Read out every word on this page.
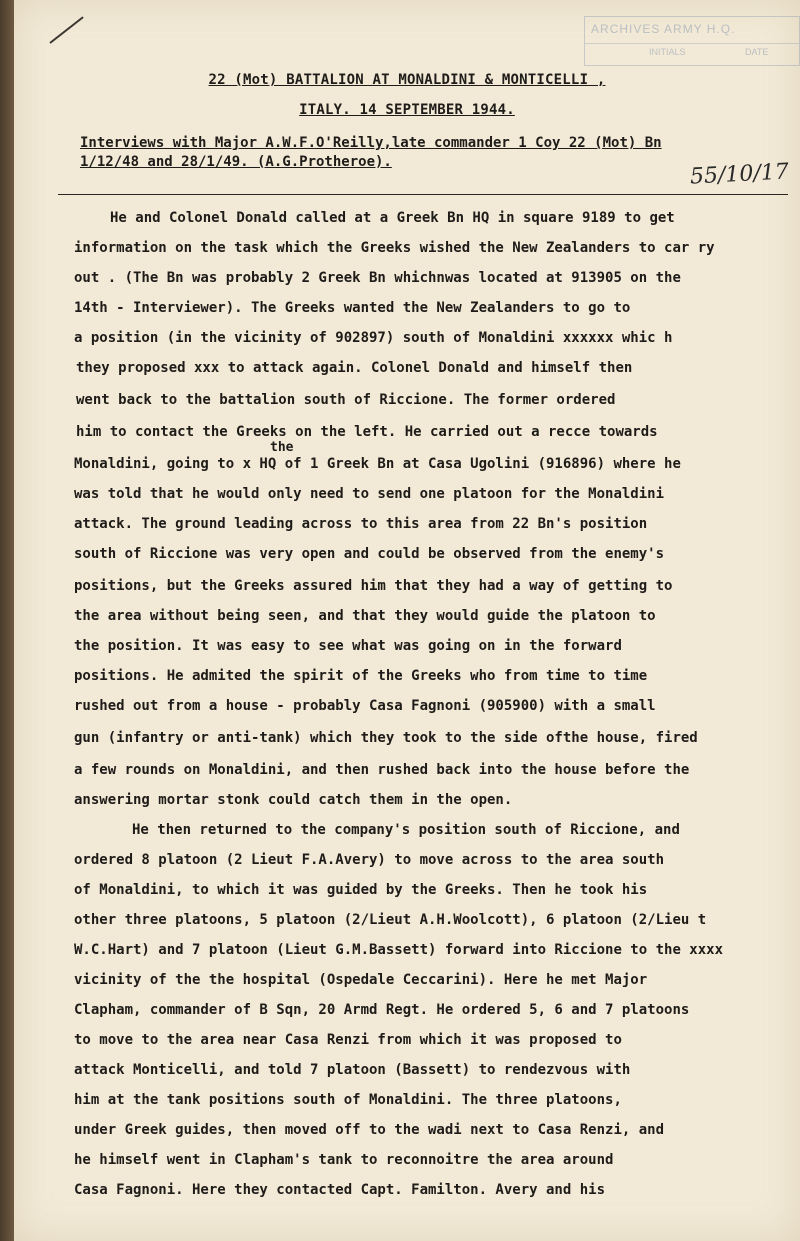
ARCHIVES ARMY H.Q.
INITIALS	DATE
22 (Mot) BATTALION AT MONALDINI & MONTICELLI ,
ITALY. 14 SEPTEMBER 1944.
Interviews with Major A.W.F.O'Reilly,late commander 1 Coy 22 (Mot) Bn
1/12/48 and 28/1/49. (A.G.Protheroe).	55/10/17
the
He and Colonel Donald called at a Greek Bn HQ in square 9189 to get
information on the task which the Greeks wished the New Zealanders to car ry
out . (The Bn was probably 2 Greek Bn whichnwas located at 913905 on the
14th - Interviewer). The Greeks wanted the New Zealanders to go to
a position (in the vicinity of 902897) south of Monaldini xxxxxx whic h
they proposed xxx to attack again. Colonel Donald and himself then
went back to the battalion south of Riccione. The former ordered
him to contact the Greeks on the left. He carried out a recce towards
Monaldini, going to x HQ of 1 Greek Bn at Casa Ugolini (916896) where he
was told that he would only need to send one platoon for the Monaldini
attack. The ground leading across to this area from 22 Bn's position
south of Riccione was very open and could be observed from the enemy's
positions, but the Greeks assured him that they had a way of getting to
the area without being seen, and that they would guide the platoon to
the position. It was easy to see what was going on in the forward
positions. He admited the spirit of the Greeks who from time to time
rushed out from a house - probably Casa Fagnoni (905900) with a small
gun (infantry or anti-tank) which they took to the side ofthe house, fired
a few rounds on Monaldini, and then rushed back into the house before the
answering mortar stonk could catch them in the open.
He then returned to the company's position south of Riccione, and
ordered 8 platoon (2 Lieut F.A.Avery) to move across to the area south
of Monaldini, to which it was guided by the Greeks. Then he took his
other three platoons, 5 platoon (2/Lieut A.H.Woolcott), 6 platoon (2/Lieu t
W.C.Hart) and 7 platoon (Lieut G.M.Bassett) forward into Riccione to the xxxx
vicinity of the the hospital (Ospedale Ceccarini). Here he met Major
Clapham, commander of B Sqn, 20 Armd Regt. He ordered 5, 6 and 7 platoons
to move to the area near Casa Renzi from which it was proposed to
attack Monticelli, and told 7 platoon (Bassett) to rendezvous with
him at the tank positions south of Monaldini. The three platoons,
under Greek guides, then moved off to the wadi next to Casa Renzi, and
he himself went in Clapham's tank to reconnoitre the area around
Casa Fagnoni. Here they contacted Capt. Familton. Avery and his
